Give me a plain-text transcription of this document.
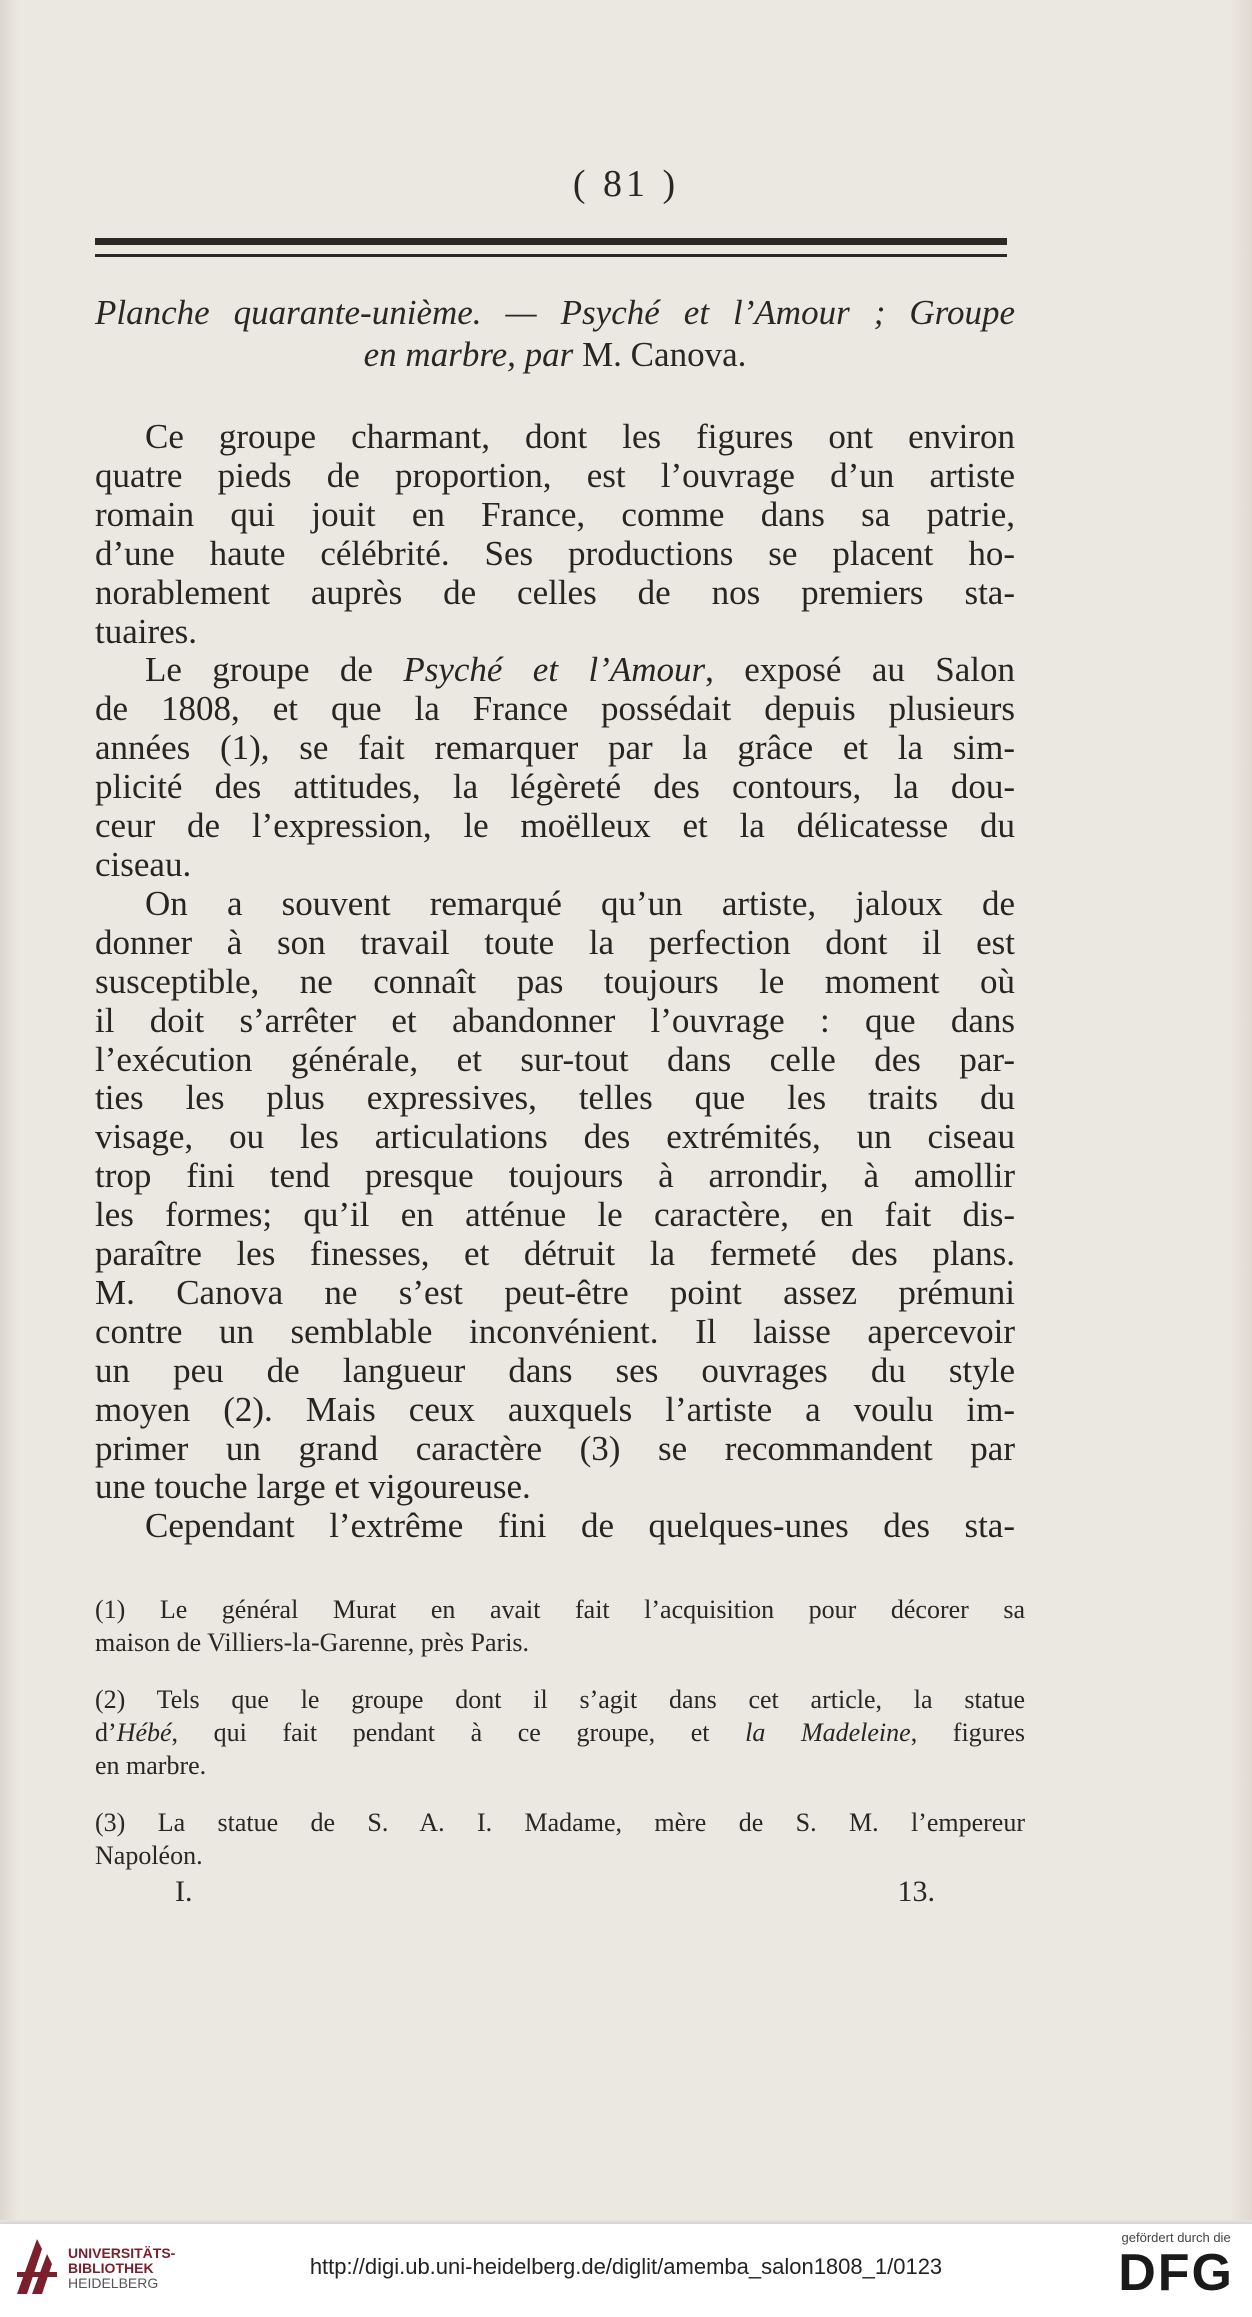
( 81 )
Planche quarante-unième. — Psyché et l’Amour ; Groupe
en marbre, par M. Canova.
Ce groupe charmant, dont les figures ont environ
quatre pieds de proportion, est l’ouvrage d’un artiste
romain qui jouit en France, comme dans sa patrie,
d’une haute célébrité. Ses productions se placent ho-
norablement auprès de celles de nos premiers sta-
tuaires.
Le groupe de Psyché et l’Amour, exposé au Salon
de 1808, et que la France possédait depuis plusieurs
années (1), se fait remarquer par la grâce et la sim-
plicité des attitudes, la légèreté des contours, la dou-
ceur de l’expression, le moëlleux et la délicatesse du
ciseau.
On a souvent remarqué qu’un artiste, jaloux de
donner à son travail toute la perfection dont il est
susceptible, ne connaît pas toujours le moment où
il doit s’arrêter et abandonner l’ouvrage : que dans
l’exécution générale, et sur-tout dans celle des par-
ties les plus expressives, telles que les traits du
visage, ou les articulations des extrémités, un ciseau
trop fini tend presque toujours à arrondir, à amollir
les formes; qu’il en atténue le caractère, en fait dis-
paraître les finesses, et détruit la fermeté des plans.
M. Canova ne s’est peut-être point assez prémuni
contre un semblable inconvénient. Il laisse apercevoir
un peu de langueur dans ses ouvrages du style
moyen (2). Mais ceux auxquels l’artiste a voulu im-
primer un grand caractère (3) se recommandent par
une touche large et vigoureuse.
Cependant l’extrême fini de quelques-unes des sta-
(1) Le général Murat en avait fait l’acquisition pour décorer sa
maison de Villiers-la-Garenne, près Paris.
(2) Tels que le groupe dont il s’agit dans cet article, la statue
d’Hébé, qui fait pendant à ce groupe, et la Madeleine, figures
en marbre.
(3) La statue de S. A. I. Madame, mère de S. M. l’empereur
Napoléon.
I.	13.
UNIVERSITÄTS-
BIBLIOTHEK
HEIDELBERG
http://digi.ub.uni-heidelberg.de/diglit/amemba_salon1808_1/0123
gefördert durch die
DFG
